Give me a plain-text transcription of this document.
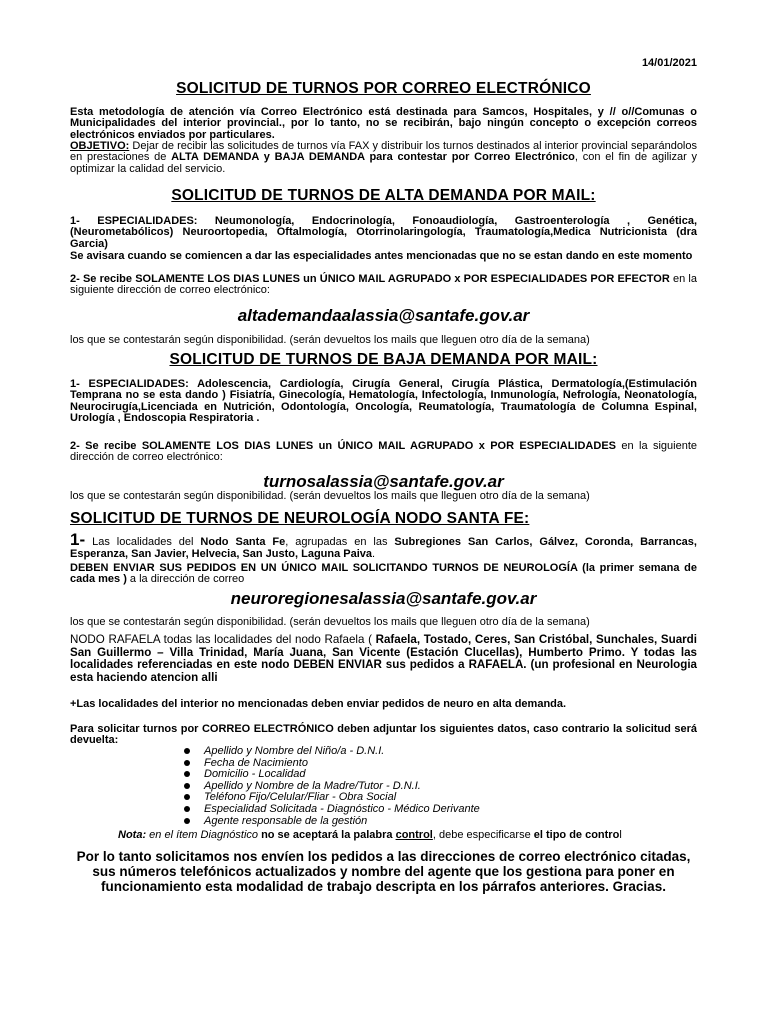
14/01/2021
SOLICITUD DE TURNOS POR CORREO ELECTRÓNICO
Esta metodología de atención vía Correo Electrónico está destinada para Samcos, Hospitales, y // o//Comunas o Municipalidades del interior provincial., por lo tanto, no se recibirán, bajo ningún concepto o excepción correos electrónicos enviados por particulares.
OBJETIVO: Dejar de recibir las solicitudes de turnos vía FAX y distribuir los turnos destinados al interior provincial separándolos en prestaciones de ALTA DEMANDA y BAJA DEMANDA para contestar por Correo Electrónico, con el fin de agilizar y optimizar la calidad del servicio.
SOLICITUD DE TURNOS DE ALTA DEMANDA POR MAIL:
1- ESPECIALIDADES: Neumonología, Endocrinología, Fonoaudiología, Gastroenterología , Genética, (Neurometabólicos) Neuroortopedia, Oftalmología, Otorrinolaringología, Traumatología,Medica Nutricionista (dra Garcia)
Se avisara cuando se comiencen a dar las especialidades antes mencionadas que no se estan dando en este momento
2- Se recibe SOLAMENTE LOS DIAS LUNES un ÚNICO MAIL AGRUPADO x POR ESPECIALIDADES POR EFECTOR en la siguiente dirección de correo electrónico:
altademandaalassia@santafe.gov.ar
los que se contestarán según disponibilidad. (serán devueltos los mails que lleguen otro día de la semana)
SOLICITUD DE TURNOS DE BAJA DEMANDA POR MAIL:
1- ESPECIALIDADES: Adolescencia, Cardiología, Cirugía General, Cirugía Plástica, Dermatología,(Estimulación Temprana no se esta dando ) Fisiatría, Ginecología, Hematología, Infectología, Inmunología, Nefrología, Neonatología, Neurocirugía,Licenciada en Nutrición, Odontología, Oncología, Reumatología, Traumatología de Columna Espinal, Urología , Endoscopia Respiratoria .
2- Se recibe SOLAMENTE LOS DIAS LUNES un ÚNICO MAIL AGRUPADO x POR ESPECIALIDADES en la siguiente dirección de correo electrónico:
turnosalassia@santafe.gov.ar
los que se contestarán según disponibilidad. (serán devueltos los mails que lleguen otro día de la semana)
SOLICITUD DE TURNOS DE NEUROLOGÍA NODO SANTA FE:
1- Las localidades del Nodo Santa Fe, agrupadas en las Subregiones San Carlos, Gálvez, Coronda, Barrancas, Esperanza, San Javier, Helvecia, San Justo, Laguna Paiva.
DEBEN ENVIAR SUS PEDIDOS EN UN ÚNICO MAIL SOLICITANDO TURNOS DE NEUROLOGÍA (la primer semana de cada mes ) a la dirección de correo
neuroregionesalassia@santafe.gov.ar
los que se contestarán según disponibilidad. (serán devueltos los mails que lleguen otro día de la semana)
NODO RAFAELA todas las localidades del nodo Rafaela ( Rafaela, Tostado, Ceres, San Cristóbal, Sunchales, Suardi San Guillermo – Villa Trinidad, María Juana, San Vicente (Estación Clucellas), Humberto Primo. Y todas las localidades referenciadas en este nodo DEBEN ENVIAR sus pedidos a RAFAELA. (un profesional en Neurologia esta haciendo atencion alli
+Las localidades del interior no mencionadas deben enviar pedidos de neuro en alta demanda.
Para solicitar turnos por CORREO ELECTRÓNICO deben adjuntar los siguientes datos, caso contrario la solicitud será devuelta:
Apellido y Nombre del Niño/a - D.N.I.
Fecha de Nacimiento
Domicilio - Localidad
Apellido y Nombre de la Madre/Tutor - D.N.I.
Teléfono Fijo/Celular/Fliar - Obra Social
Especialidad Solicitada - Diagnóstico - Médico Derivante
Agente responsable de la gestión
Nota: en el ítem Diagnóstico no se aceptará la palabra control, debe especificarse el tipo de control
Por lo tanto solicitamos nos envíen los pedidos a las direcciones de correo electrónico citadas, sus números telefónicos actualizados y nombre del agente que los gestiona para poner en funcionamiento esta modalidad de trabajo descripta en los párrafos anteriores. Gracias.
